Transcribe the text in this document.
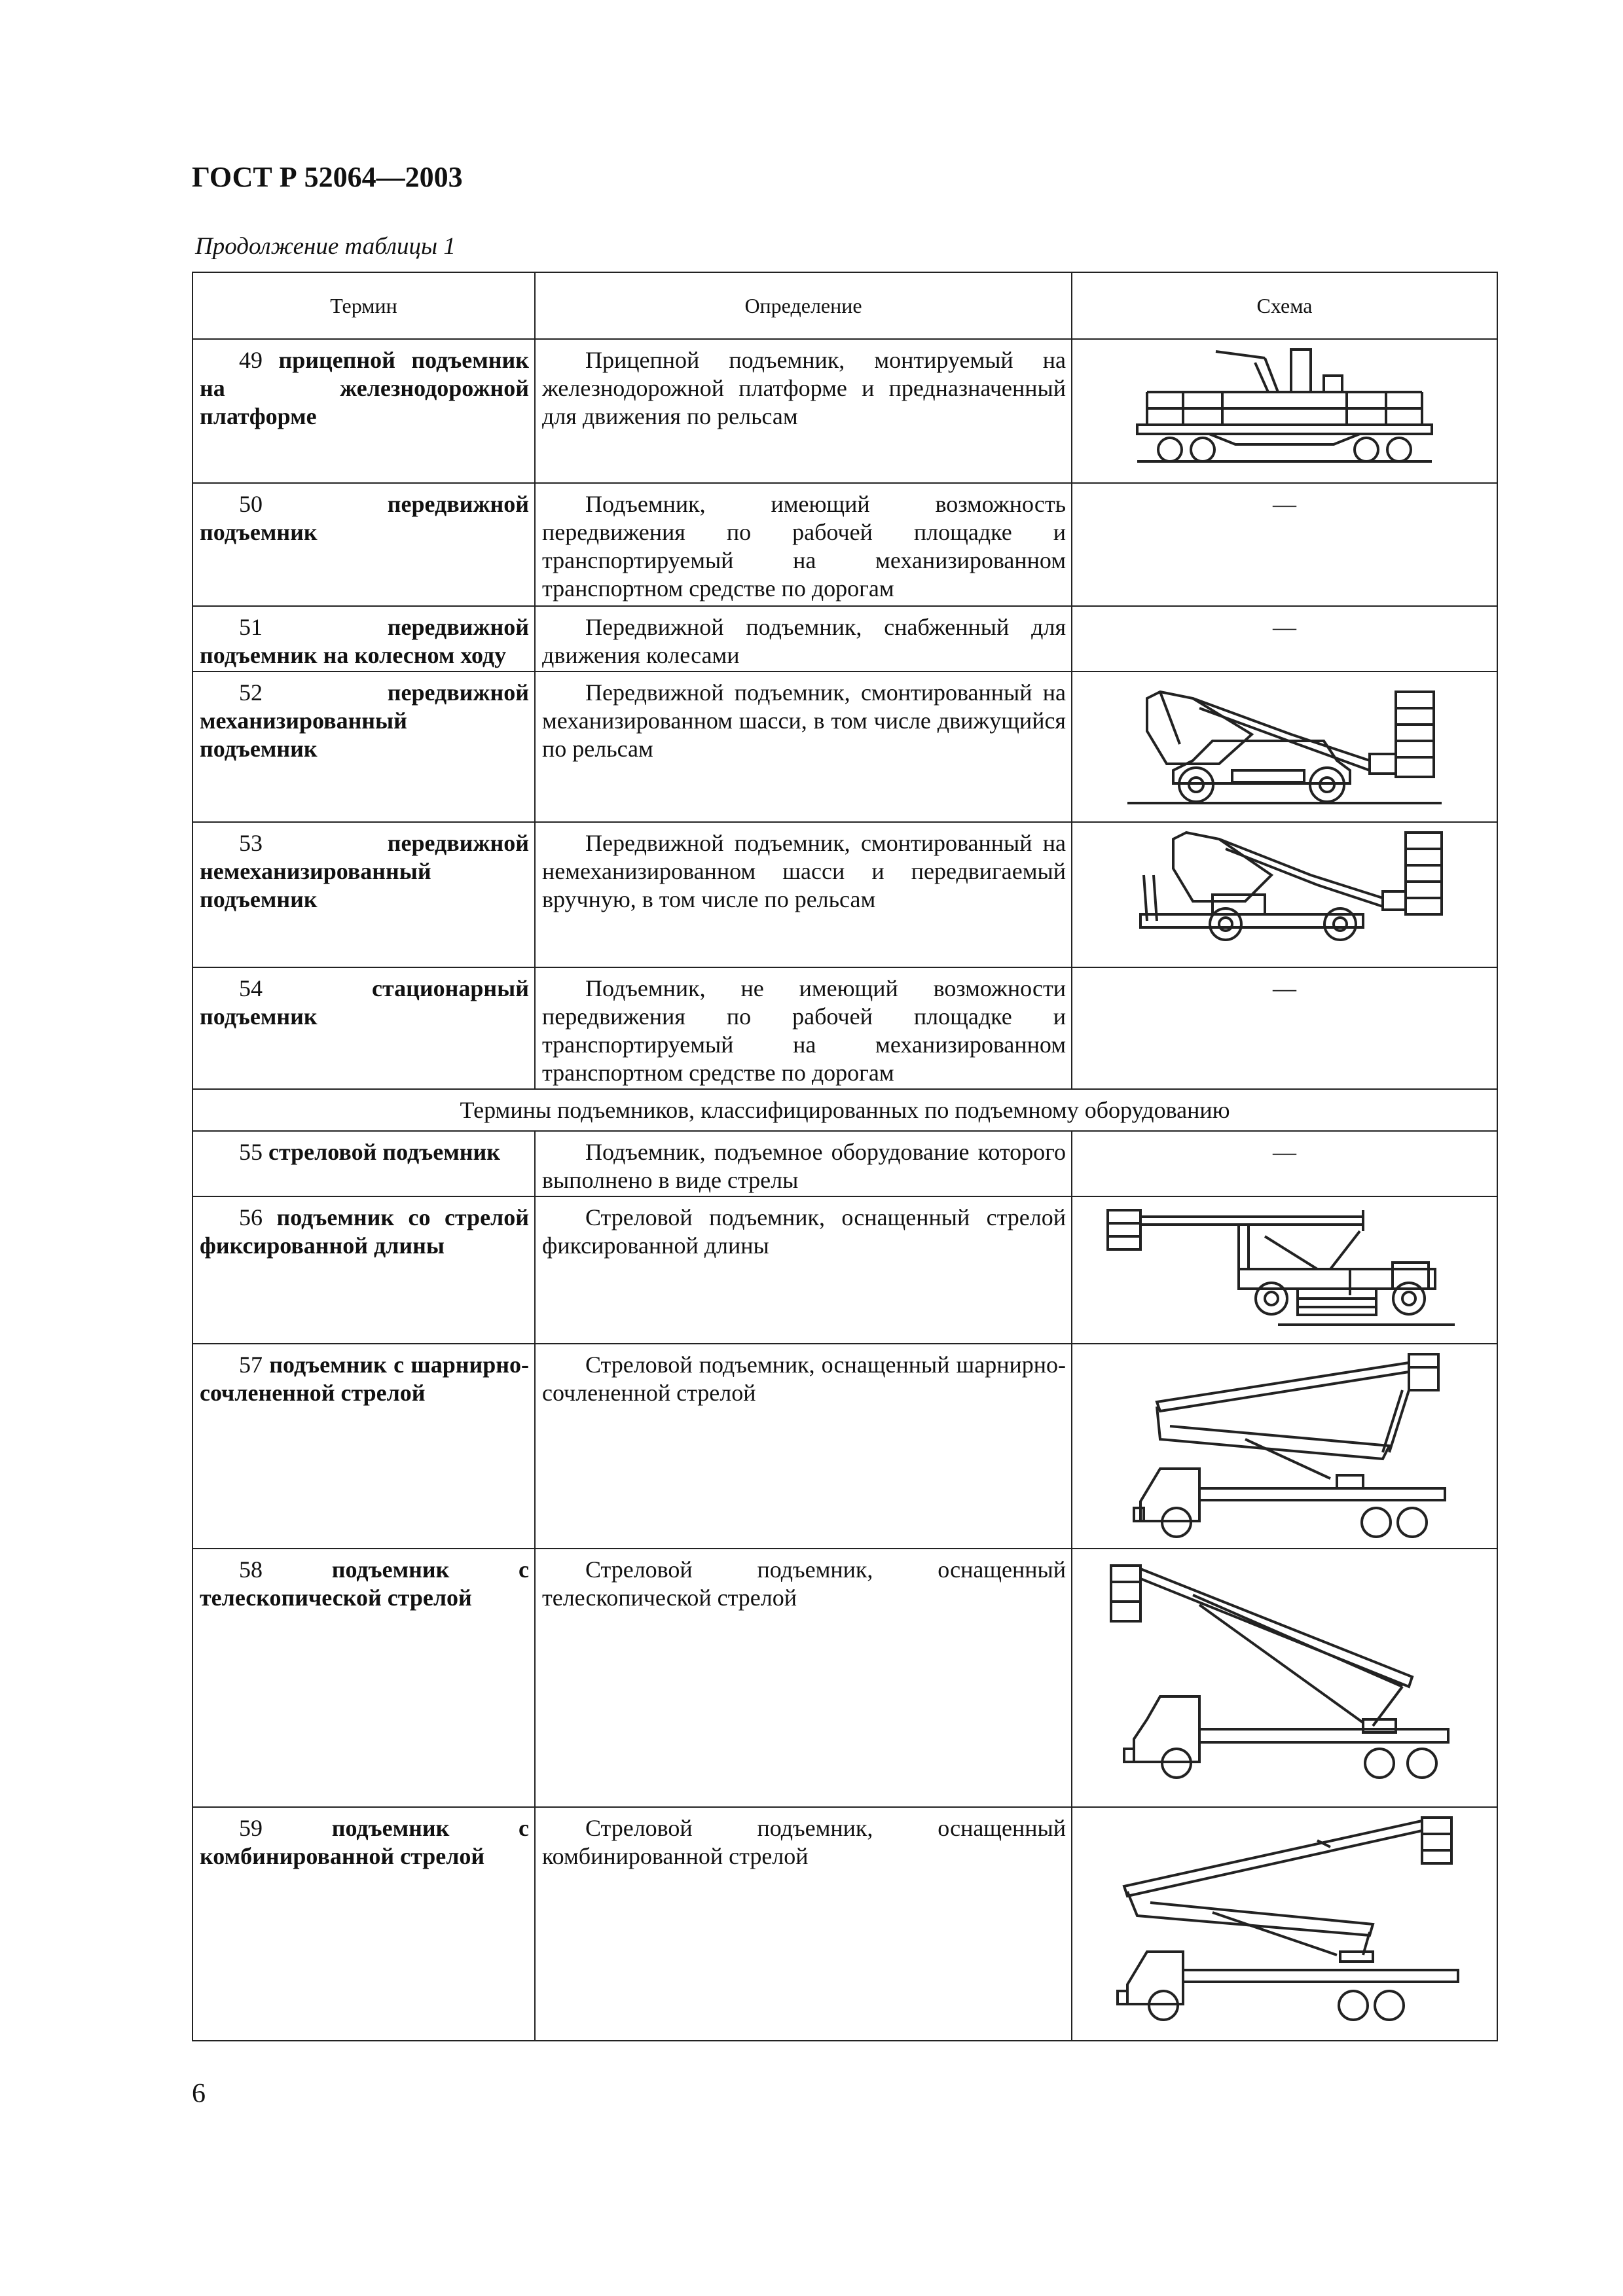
ГОСТ Р 52064—2003
Продолжение таблицы 1
Термин	Определение	Схема
49 прицепной подъемник на железнодорожной платформе	Прицепной подъемник, монтируемый на железнодорожной платформе и предназначенный для движения по рельсам

50 передвижной подъемник	Подъемник, имеющий возможность передвижения по рабочей площадке и транспортируемый на механизированном транспортном средстве по дорогам	—
51 передвижной подъемник на колесном ходу	Передвижной подъемник, снабженный для движения колесами	—
52 передвижной механизированный подъемник	Передвижной подъемник, смонтированный на механизированном шасси, в том числе движущийся по рельсам

53 передвижной немеханизированный подъемник	Передвижной подъемник, смонтированный на немеханизированном шасси и передвигаемый вручную, в том числе по рельсам

54 стационарный подъемник	Подъемник, не имеющий возможности передвижения по рабочей площадке и транспортируемый на механизированном транспортном средстве по дорогам	—
Термины подъемников, классифицированных по подъемному оборудованию		
55 стреловой подъемник	Подъемник, подъемное оборудование которого выполнено в виде стрелы	—
56 подъемник со стрелой фиксированной длины	Стреловой подъемник, оснащенный стрелой фиксированной длины

57 подъемник с шарнирно-сочлененной стрелой	Стреловой подъемник, оснащенный шарнирно-сочлененной стрелой

58 подъемник с телескопической стрелой	Стреловой подъемник, оснащенный телескопической стрелой

59 подъемник с комбинированной стрелой	Стреловой подъемник, оснащенный комбинированной стрелой

6
